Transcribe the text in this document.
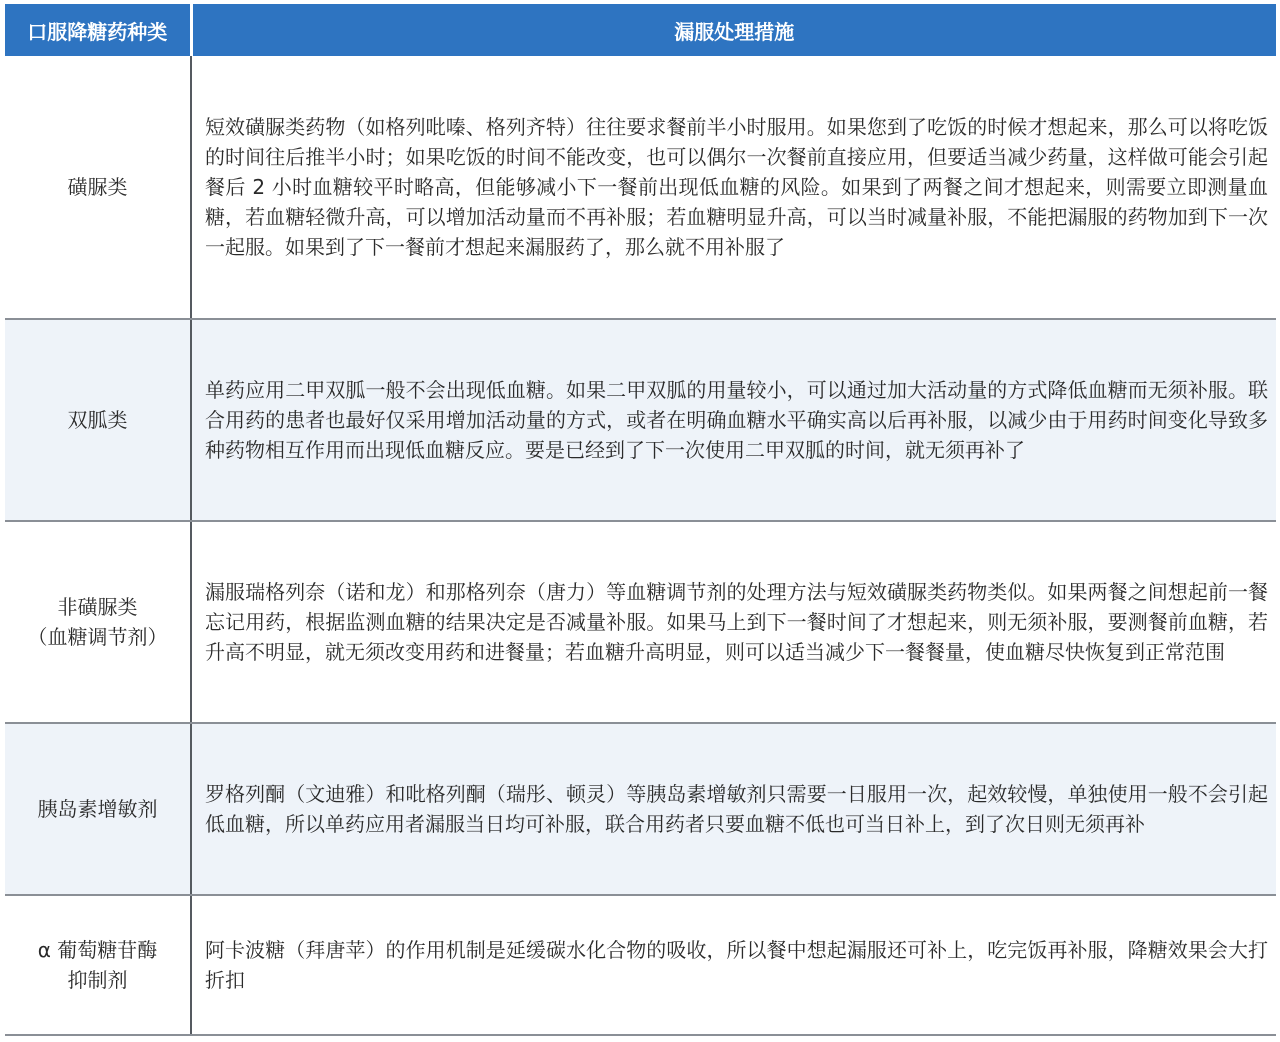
口服降糖药种类	漏服处理措施

磺脲类	短效磺脲类药物（如格列吡嗪、格列齐特）往往要求餐前半小时服用。如果您到了吃饭的时候才想起来，那么可以将吃饭的时间往后推半小时；如果吃饭的时间不能改变，也可以偶尔一次餐前直接应用，但要适当减少药量，这样做可能会引起餐后 2 小时血糖较平时略高，但能够减小下一餐前出现低血糖的风险。如果到了两餐之间才想起来，则需要立即测量血糖，若血糖轻微升高，可以增加活动量而不再补服；若血糖明显升高，可以当时减量补服，不能把漏服的药物加到下一次一起服。如果到了下一餐前才想起来漏服药了，那么就不用补服了

双胍类	单药应用二甲双胍一般不会出现低血糖。如果二甲双胍的用量较小，可以通过加大活动量的方式降低血糖而无须补服。联合用药的患者也最好仅采用增加活动量的方式，或者在明确血糖水平确实高以后再补服，以减少由于用药时间变化导致多种药物相互作用而出现低血糖反应。要是已经到了下一次使用二甲双胍的时间，就无须再补了

非磺脲类
（血糖调节剂）	漏服瑞格列奈（诺和龙）和那格列奈（唐力）等血糖调节剂的处理方法与短效磺脲类药物类似。如果两餐之间想起前一餐忘记用药，根据监测血糖的结果决定是否减量补服。如果马上到下一餐时间了才想起来，则无须补服，要测餐前血糖，若升高不明显，就无须改变用药和进餐量；若血糖升高明显，则可以适当减少下一餐餐量，使血糖尽快恢复到正常范围

胰岛素增敏剂	罗格列酮（文迪雅）和吡格列酮（瑞彤、顿灵）等胰岛素增敏剂只需要一日服用一次，起效较慢，单独使用一般不会引起低血糖，所以单药应用者漏服当日均可补服，联合用药者只要血糖不低也可当日补上，到了次日则无须再补

α 葡萄糖苷酶
抑制剂	阿卡波糖（拜唐苹）的作用机制是延缓碳水化合物的吸收，所以餐中想起漏服还可补上，吃完饭再补服，降糖效果会大打折扣
